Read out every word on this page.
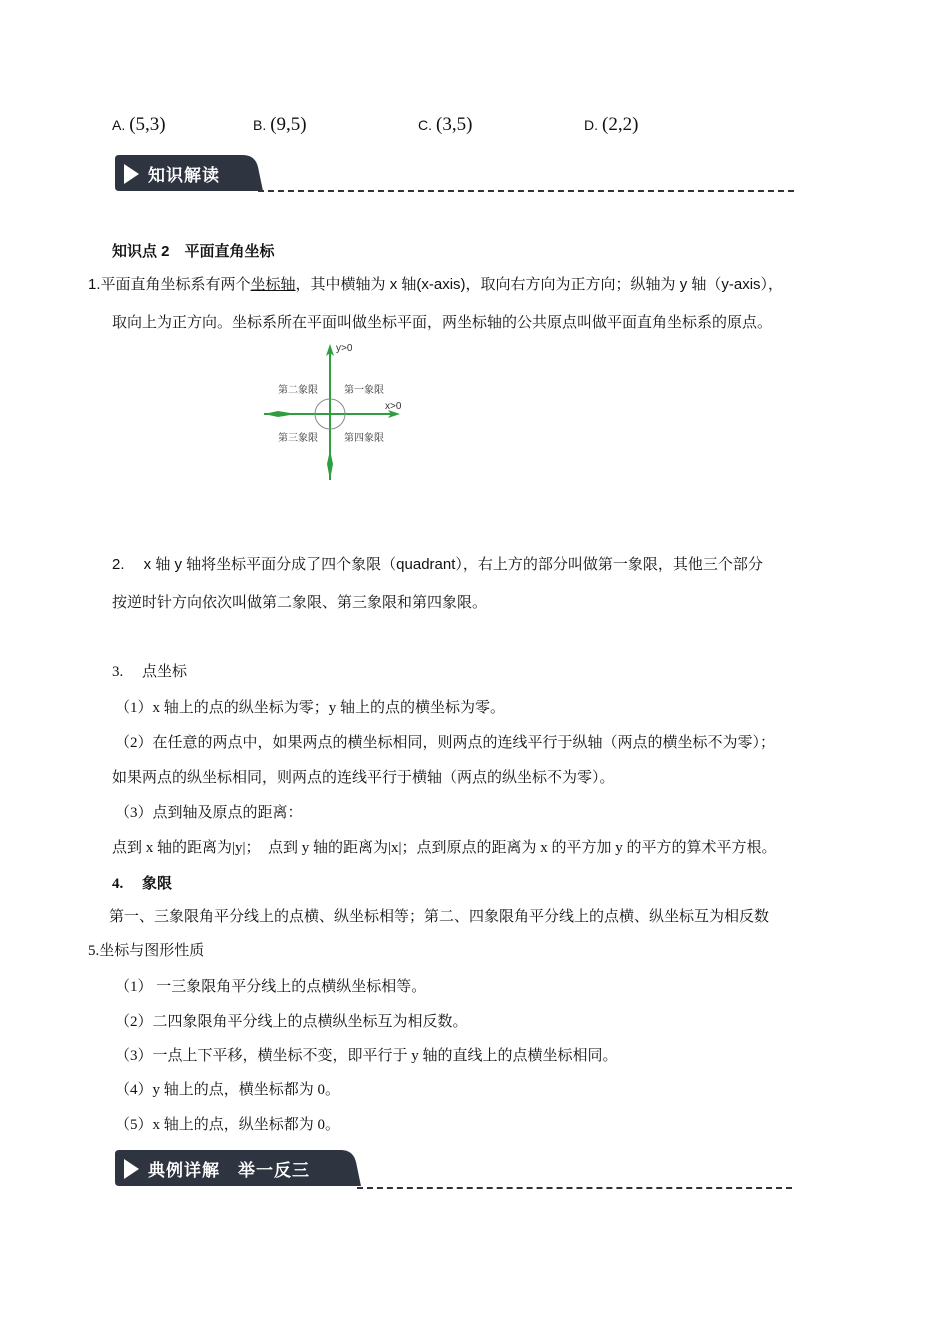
A. (5,3)	B. (9,5)	C. (3,5)	D. (2,2)
知识解读
知识点 2　平面直角坐标
1.平面直角坐标系有两个坐标轴，其中横轴为 x 轴(x-axis)，取向右方向为正方向；纵轴为 y 轴（y-axis），
取向上为正方向。坐标系所在平面叫做坐标平面，两坐标轴的公共原点叫做平面直角坐标系的原点。
y>0
x>0
第二象限	第一象限
第三象限	第四象限
2.　 x 轴 y 轴将坐标平面分成了四个象限（quadrant），右上方的部分叫做第一象限，其他三个部分
按逆时针方向依次叫做第二象限、第三象限和第四象限。
3.　 点坐标
（1）x 轴上的点的纵坐标为零；y 轴上的点的横坐标为零。
（2）在任意的两点中，如果两点的横坐标相同，则两点的连线平行于纵轴（两点的横坐标不为零）；
如果两点的纵坐标相同，则两点的连线平行于横轴（两点的纵坐标不为零）。
（3）点到轴及原点的距离：
点到 x 轴的距离为|y|；　点到 y 轴的距离为|x|；点到原点的距离为 x 的平方加 y 的平方的算术平方根。
4.　 象限
第一、三象限角平分线上的点横、纵坐标相等；第二、四象限角平分线上的点横、纵坐标互为相反数
5.坐标与图形性质
（1） 一三象限角平分线上的点横纵坐标相等。
（2）二四象限角平分线上的点横纵坐标互为相反数。
（3）一点上下平移，横坐标不变，即平行于 y 轴的直线上的点横坐标相同。
（4）y 轴上的点，横坐标都为 0。
（5）x 轴上的点，纵坐标都为 0。
典例详解　举一反三
